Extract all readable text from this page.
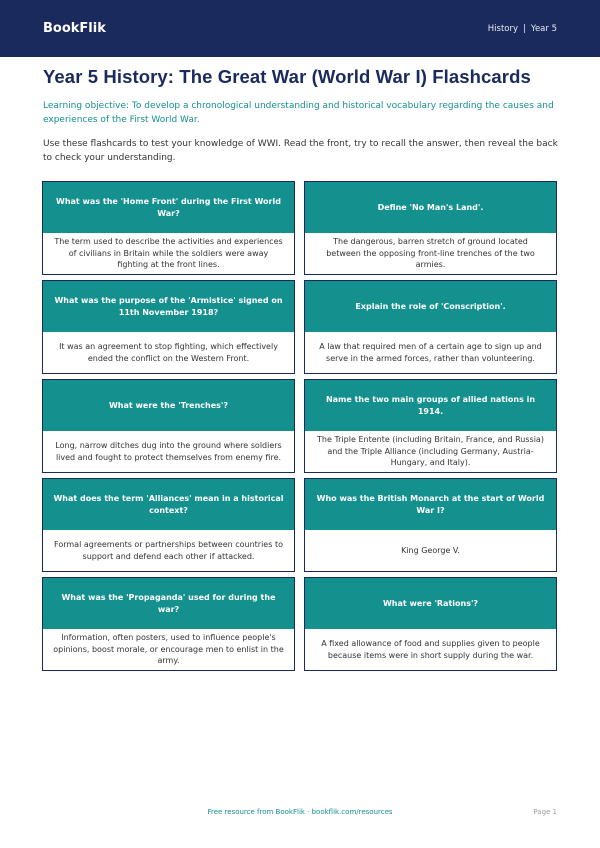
BookFlik	History | Year 5
Year 5 History: The Great War (World War I) Flashcards

Learning objective: To develop a chronological understanding and historical vocabulary regarding the causes and experiences of the First World War.

Use these flashcards to test your knowledge of WWI. Read the front, try to recall the answer, then reveal the back to check your understanding.

What was the 'Home Front' during the First World War?
The term used to describe the activities and experiences of civilians in Britain while the soldiers were away fighting at the front lines.
Define 'No Man's Land'.
The dangerous, barren stretch of ground located between the opposing front-line trenches of the two armies.
What was the purpose of the 'Armistice' signed on 11th November 1918?
It was an agreement to stop fighting, which effectively ended the conflict on the Western Front.
Explain the role of 'Conscription'.
A law that required men of a certain age to sign up and serve in the armed forces, rather than volunteering.
What were the 'Trenches'?
Long, narrow ditches dug into the ground where soldiers lived and fought to protect themselves from enemy fire.
Name the two main groups of allied nations in 1914.
The Triple Entente (including Britain, France, and Russia) and the Triple Alliance (including Germany, Austria-Hungary, and Italy).
What does the term 'Alliances' mean in a historical context?
Formal agreements or partnerships between countries to support and defend each other if attacked.
Who was the British Monarch at the start of World War I?
King George V.
What was the 'Propaganda' used for during the war?
Information, often posters, used to influence people's opinions, boost morale, or encourage men to enlist in the army.
What were 'Rations'?
A fixed allowance of food and supplies given to people because items were in short supply during the war.
Free resource from BookFlik · bookflik.com/resources	Page 1
